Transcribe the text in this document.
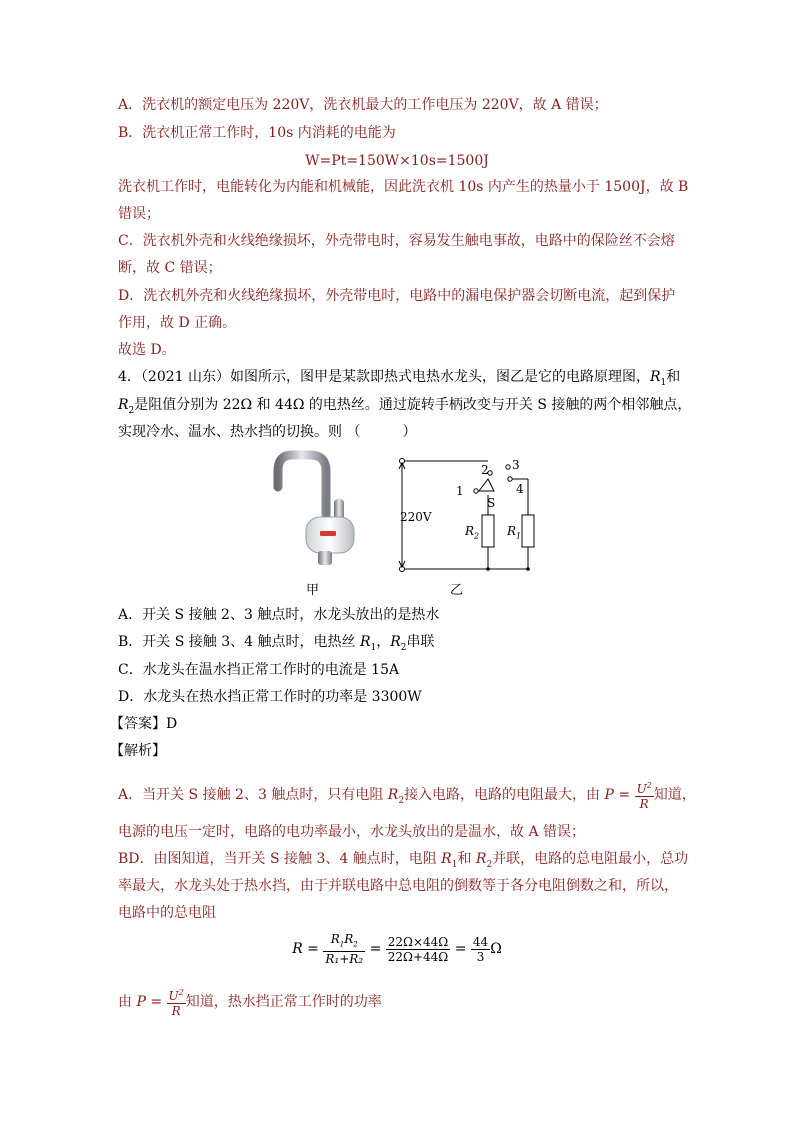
A．洗衣机的额定电压为 220V，洗衣机最大的工作电压为 220V，故 A 错误；
B．洗衣机正常工作时，10s 内消耗的电能为
W=Pt=150W×10s=1500J
洗衣机工作时，电能转化为内能和机械能，因此洗衣机 10s 内产生的热量小于 1500J，故 B
错误；
C．洗衣机外壳和火线绝缘损坏，外壳带电时，容易发生触电事故，电路中的保险丝不会熔
断，故 C 错误；
D．洗衣机外壳和火线绝缘损坏，外壳带电时，电路中的漏电保护器会切断电流，起到保护
作用，故 D 正确。
故选 D。
4．（2021 山东）如图所示，图甲是某款即热式电热水龙头，图乙是它的电路原理图，$R_1$和
$R_2$是阻值分别为 22Ω 和 44Ω 的电热丝。通过旋转手柄改变与开关 S 接触的两个相邻触点，
实现冷水、温水、热水挡的切换。则 （　　　）
220V
2 3
1	4
S
$R_2$ $R_1$
甲	乙
A．开关 S 接触 2、3 触点时，水龙头放出的是热水
B．开关 S 接触 3、4 触点时，电热丝 $R_1$，$R_2$串联
C．水龙头在温水挡正常工作时的电流是 15A
D．水龙头在热水挡正常工作时的功率是 3300W
【答案】D
【解析】
A．当开关 S 接触 2、3 触点时，只有电阻 $R_2$接入电路，电路的电阻最大，由 $P = \frac{U^2}{R}$ 知道，
电源的电压一定时，电路的电功率最小，水龙头放出的是温水，故 A 错误；
BD．由图知道，当开关 S 接触 3、4 触点时，电阻 $R_1$和 $R_2$并联，电路的总电阻最小，总功
率最大，水龙头处于热水挡，由于并联电路中总电阻的倒数等于各分电阻倒数之和，所以，
电路中的总电阻
$R = \frac{R_1R_2}{\text{R₁+R₂}} = \frac{22\Omega\times 44\Omega}{22\Omega+44\Omega} = \frac{44}{3}$ Ω
由 $P = \frac{U^2}{R}$ 知道，热水挡正常工作时的功率
